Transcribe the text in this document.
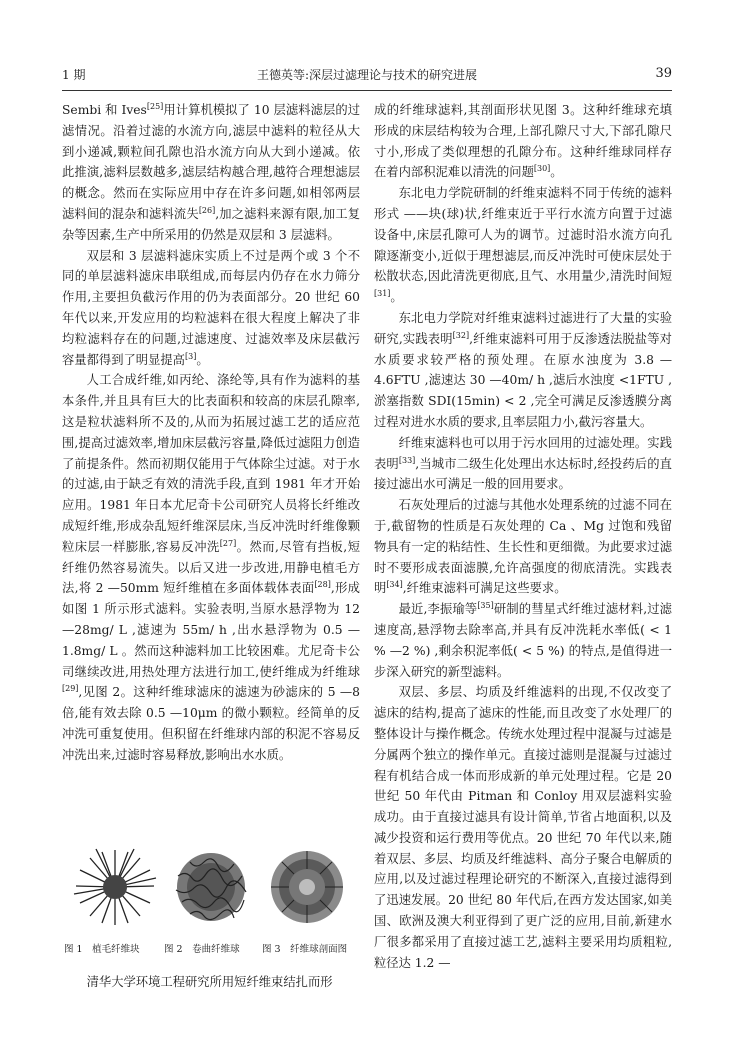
1 期	王德英等:深层过滤理论与技术的研究进展	39

Sembi 和 Ives[25]用计算机模拟了 10 层滤料滤层的过滤情况。沿着过滤的水流方向,滤层中滤料的粒径从大到小递减,颗粒间孔隙也沿水流方向从大到小递减。依此推演,滤料层数越多,滤层结构越合理,越符合理想滤层的概念。然而在实际应用中存在许多问题,如相邻两层滤料间的混杂和滤料流失[26],加之滤料来源有限,加工复杂等因素,生产中所采用的仍然是双层和 3 层滤料。

双层和 3 层滤料滤床实质上不过是两个或 3 个不同的单层滤料滤床串联组成,而每层内仍存在水力筛分作用,主要担负截污作用的仍为表面部分。20 世纪 60 年代以来,开发应用的均粒滤料在很大程度上解决了非均粒滤料存在的问题,过滤速度、过滤效率及床层截污容量都得到了明显提高[3]。

人工合成纤维,如丙纶、涤纶等,具有作为滤料的基本条件,并且具有巨大的比表面积和较高的床层孔隙率,这是粒状滤料所不及的,从而为拓展过滤工艺的适应范围,提高过滤效率,增加床层截污容量,降低过滤阻力创造了前提条件。然而初期仅能用于气体除尘过滤。对于水的过滤,由于缺乏有效的清洗手段,直到 1981 年才开始应用。1981 年日本尤尼奇卡公司研究人员将长纤维改成短纤维,形成杂乱短纤维深层床,当反冲洗时纤维像颗粒床层一样膨胀,容易反冲洗[27]。然而,尽管有挡板,短纤维仍然容易流失。以后又进一步改进,用静电植毛方法,将 2 —50mm 短纤维植在多面体载体表面[28],形成如图 1 所示形式滤料。实验表明,当原水悬浮物为 12 —28mg/ L ,滤速为 55m/ h ,出水悬浮物为 0.5 —1.8mg/ L 。然而这种滤料加工比较困难。尤尼奇卡公司继续改进,用热处理方法进行加工,使纤维成为纤维球[29],见图 2。这种纤维球滤床的滤速为砂滤床的 5 —8 倍,能有效去除 0.5 —10μm 的微小颗粒。经简单的反冲洗可重复使用。但积留在纤维球内部的积泥不容易反冲洗出来,过滤时容易释放,影响出水水质。

图 1　植毛纤维块	图 2　卷曲纤维球 图 3　纤维球剖面图
清华大学环境工程研究所用短纤维束结扎而形

成的纤维球滤料,其剖面形状见图 3。这种纤维球充填形成的床层结构较为合理,上部孔隙尺寸大,下部孔隙尺寸小,形成了类似理想的孔隙分布。这种纤维球同样存在着内部积泥难以清洗的问题[30]。

东北电力学院研制的纤维束滤料不同于传统的滤料形式 ——块(球)状,纤维束近于平行水流方向置于过滤设备中,床层孔隙可人为的调节。过滤时沿水流方向孔隙逐渐变小,近似于理想滤层,而反冲洗时可使床层处于松散状态,因此清洗更彻底,且气、水用量少,清洗时间短[31]。

东北电力学院对纤维束滤料过滤进行了大量的实验研究,实践表明[32],纤维束滤料可用于反渗透法脱盐等对水质要求较严格的预处理。在原水浊度为 3.8 —4.6FTU ,滤速达 30 —40m/ h ,滤后水浊度 <1FTU ,淤塞指数 SDI(15min) < 2 ,完全可满足反渗透膜分离过程对进水水质的要求,且率层阻力小,截污容量大。

纤维束滤料也可以用于污水回用的过滤处理。实践表明[33],当城市二级生化处理出水达标时,经投药后的直接过滤出水可满足一般的回用要求。

石灰处理后的过滤与其他水处理系统的过滤不同在于,截留物的性质是石灰处理的 Ca 、Mg 过饱和残留物具有一定的粘结性、生长性和更细微。为此要求过滤时不要形成表面滤膜,允许高强度的彻底清洗。实践表明[34],纤维束滤料可满足这些要求。

最近,李振瑜等[35]研制的彗星式纤维过滤材料,过滤速度高,悬浮物去除率高,并具有反冲洗耗水率低( < 1 % —2 %) ,剩余积泥率低( < 5 %) 的特点,是值得进一步深入研究的新型滤料。

双层、多层、均质及纤维滤料的出现,不仅改变了滤床的结构,提高了滤床的性能,而且改变了水处理厂的整体设计与操作概念。传统水处理过程中混凝与过滤是分属两个独立的操作单元。直接过滤则是混凝与过滤过程有机结合成一体而形成新的单元处理过程。它是 20 世纪 50 年代由 Pitman 和 Conloy 用双层滤料实验成功。由于直接过滤具有设计简单,节省占地面积,以及减少投资和运行费用等优点。20 世纪 70 年代以来,随着双层、多层、均质及纤维滤料、高分子聚合电解质的应用,以及过滤过程理论研究的不断深入,直接过滤得到了迅速发展。20 世纪 80 年代后,在西方发达国家,如美国、欧洲及澳大利亚得到了更广泛的应用,目前,新建水厂很多都采用了直接过滤工艺,滤料主要采用均质粗粒,粒径达 1.2 —
